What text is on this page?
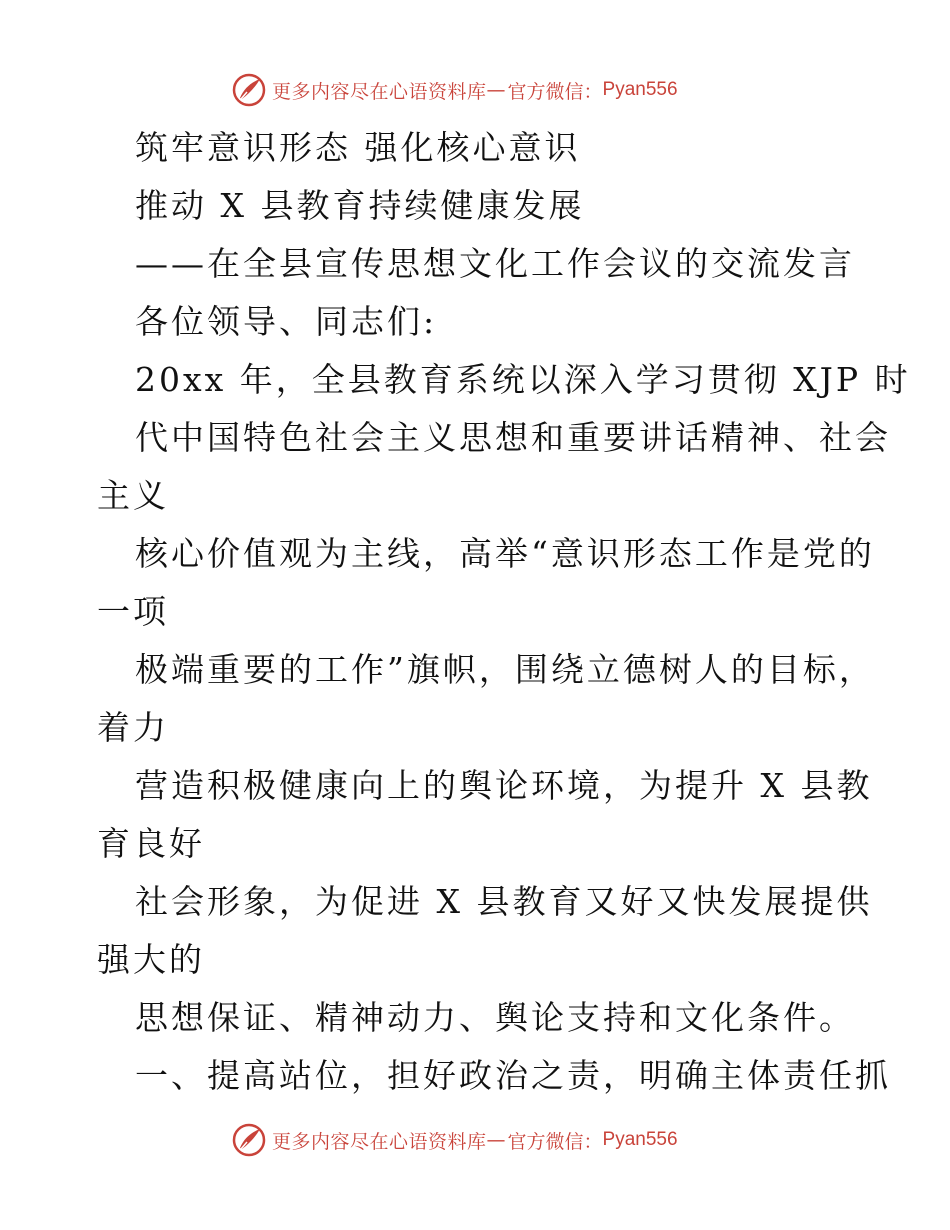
更多内容尽在心语资料库 — 官方微信： Pyan556
筑牢意识形态 强化核心意识
推动 X 县教育持续健康发展
——在全县宣传思想文化工作会议的交流发言
各位领导、同志们:
20xx 年，全县教育系统以深入学习贯彻 XJP 时
代中国特色社会主义思想和重要讲话精神、社会
主义
核心价值观为主线，高举“意识形态工作是党的
一项
极端重要的工作”旗帜，围绕立德树人的目标，
着力
营造积极健康向上的舆论环境，为提升 X 县教
育良好
社会形象，为促进 X 县教育又好又快发展提供
强大的
思想保证、精神动力、舆论支持和文化条件。
一、提高站位，担好政治之责，明确主体责任抓
更多内容尽在心语资料库 — 官方微信： Pyan556
